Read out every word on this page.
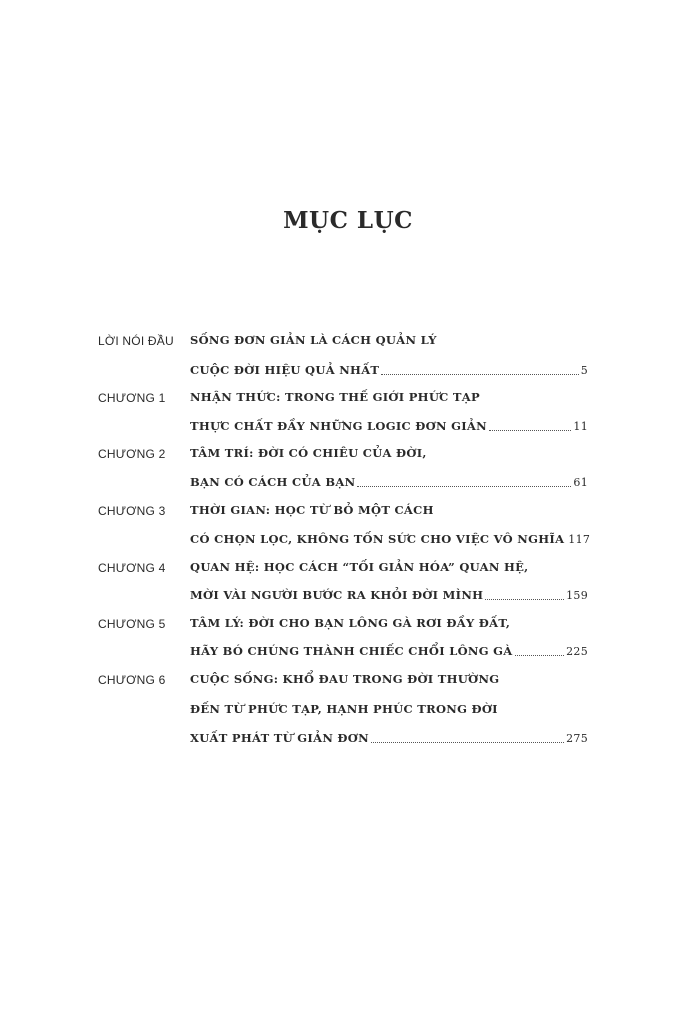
MỤC LỤC
LỜI NÓI ĐẦU SỐNG ĐƠN GIẢN LÀ CÁCH QUẢN LÝ
CUỘC ĐỜI HIỆU QUẢ NHẤT	5
CHƯƠNG 1 NHẬN THỨC: TRONG THẾ GIỚI PHỨC TẠP
THỰC CHẤT ĐẦY NHỮNG LOGIC ĐƠN GIẢN	11
CHƯƠNG 2 TÂM TRÍ: ĐỜI CÓ CHIÊU CỦA ĐỜI,
BẠN CÓ CÁCH CỦA BẠN	61
CHƯƠNG 3 THỜI GIAN: HỌC TỪ BỎ MỘT CÁCH
CÓ CHỌN LỌC, KHÔNG TỐN SỨC CHO VIỆC VÔ NGHĨA 117
CHƯƠNG 4 QUAN HỆ: HỌC CÁCH “TỐI GIẢN HÓA” QUAN HỆ,
MỜI VÀI NGƯỜI BƯỚC RA KHỎI ĐỜI MÌNH	159
CHƯƠNG 5 TÂM LÝ: ĐỜI CHO BẠN LÔNG GÀ RƠI ĐẦY ĐẤT,
HÃY BÓ CHÚNG THÀNH CHIẾC CHỔI LÔNG GÀ	225
CHƯƠNG 6 CUỘC SỐNG: KHỔ ĐAU TRONG ĐỜI THƯỜNG
ĐẾN TỪ PHỨC TẠP, HẠNH PHÚC TRONG ĐỜI
XUẤT PHÁT TỪ GIẢN ĐƠN	275
